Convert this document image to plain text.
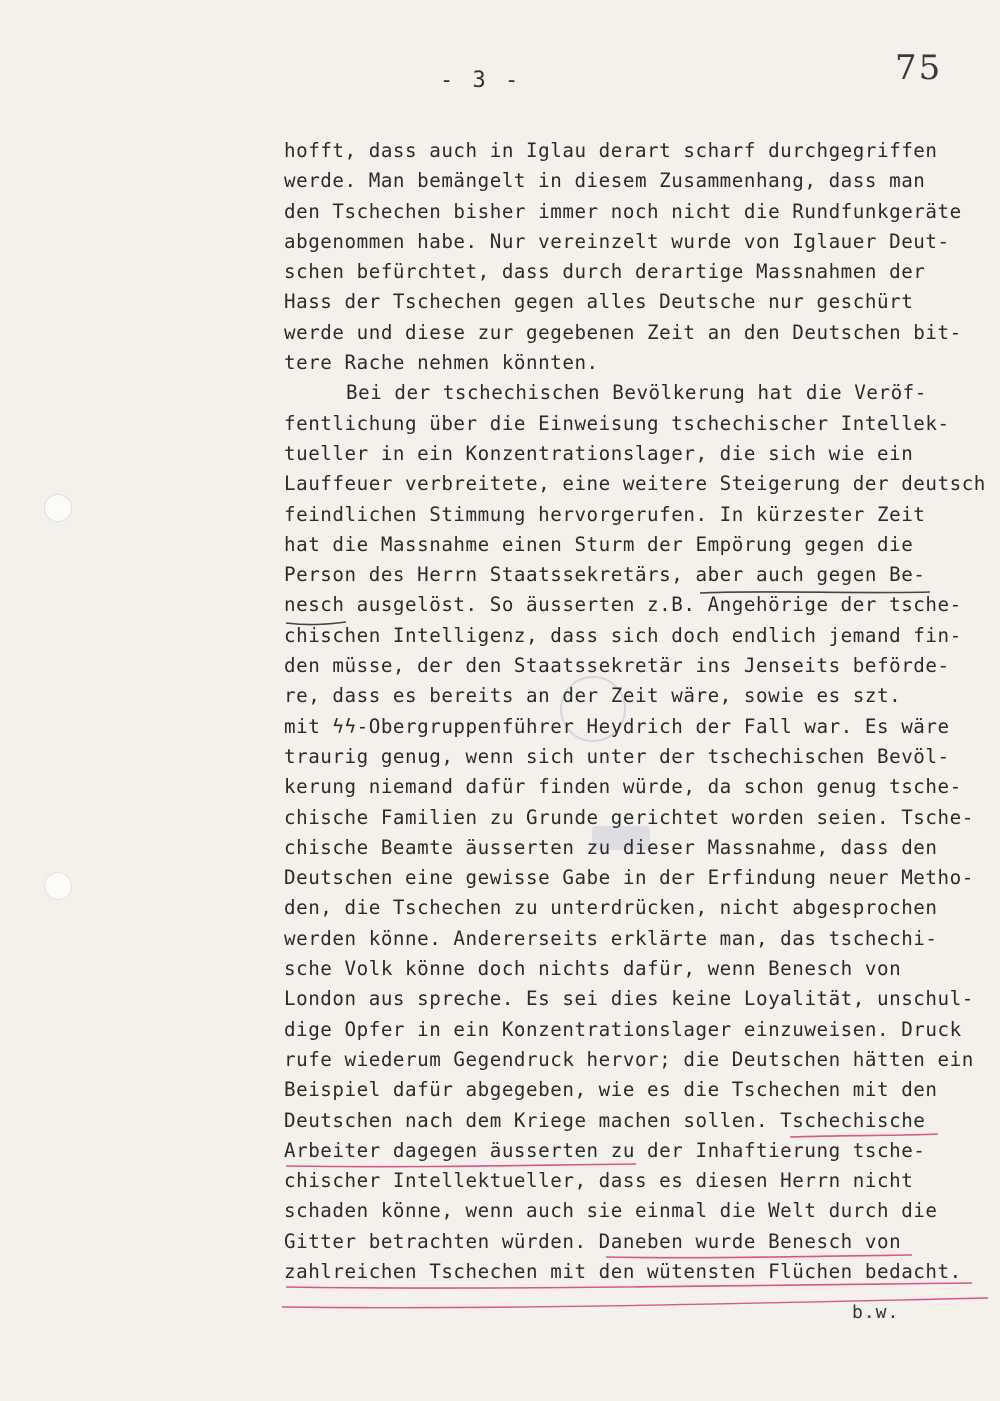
- 3 -	75
hofft, dass auch in Iglau derart scharf durchgegriffen
werde. Man bemängelt in diesem Zusammenhang, dass man
den Tschechen bisher immer noch nicht die Rundfunkgeräte
abgenommen habe. Nur vereinzelt wurde von Iglauer Deut-
schen befürchtet, dass durch derartige Massnahmen der
Hass der Tschechen gegen alles Deutsche nur geschürt
werde und diese zur gegebenen Zeit an den Deutschen bit-
tere Rache nehmen könnten.
Bei der tschechischen Bevölkerung hat die Veröf-
fentlichung über die Einweisung tschechischer Intellek-
tueller in ein Konzentrationslager, die sich wie ein
Lauffeuer verbreitete, eine weitere Steigerung der deutsch
feindlichen Stimmung hervorgerufen. In kürzester Zeit
hat die Massnahme einen Sturm der Empörung gegen die
Person des Herrn Staatssekretärs, aber auch gegen Be-
nesch ausgelöst. So äusserten z.B. Angehörige der tsche-
chischen Intelligenz, dass sich doch endlich jemand fin-
den müsse, der den Staatssekretär ins Jenseits beförde-
re, dass es bereits an der Zeit wäre, sowie es szt.
mit ϟϟ-Obergruppenführer Heydrich der Fall war. Es wäre
traurig genug, wenn sich unter der tschechischen Bevöl-
kerung niemand dafür finden würde, da schon genug tsche-
chische Familien zu Grunde gerichtet worden seien. Tsche-
chische Beamte äusserten zu dieser Massnahme, dass den
Deutschen eine gewisse Gabe in der Erfindung neuer Metho-
den, die Tschechen zu unterdrücken, nicht abgesprochen
werden könne. Andererseits erklärte man, das tschechi-
sche Volk könne doch nichts dafür, wenn Benesch von
London aus spreche. Es sei dies keine Loyalität, unschul-
dige Opfer in ein Konzentrationslager einzuweisen. Druck
rufe wiederum Gegendruck hervor; die Deutschen hätten ein
Beispiel dafür abgegeben, wie es die Tschechen mit den
Deutschen nach dem Kriege machen sollen. Tschechische
Arbeiter dagegen äusserten zu der Inhaftierung tsche-
chischer Intellektueller, dass es diesen Herrn nicht
schaden könne, wenn auch sie einmal die Welt durch die
Gitter betrachten würden. Daneben wurde Benesch von
zahlreichen Tschechen mit den wütensten Flüchen bedacht.
b.w.
